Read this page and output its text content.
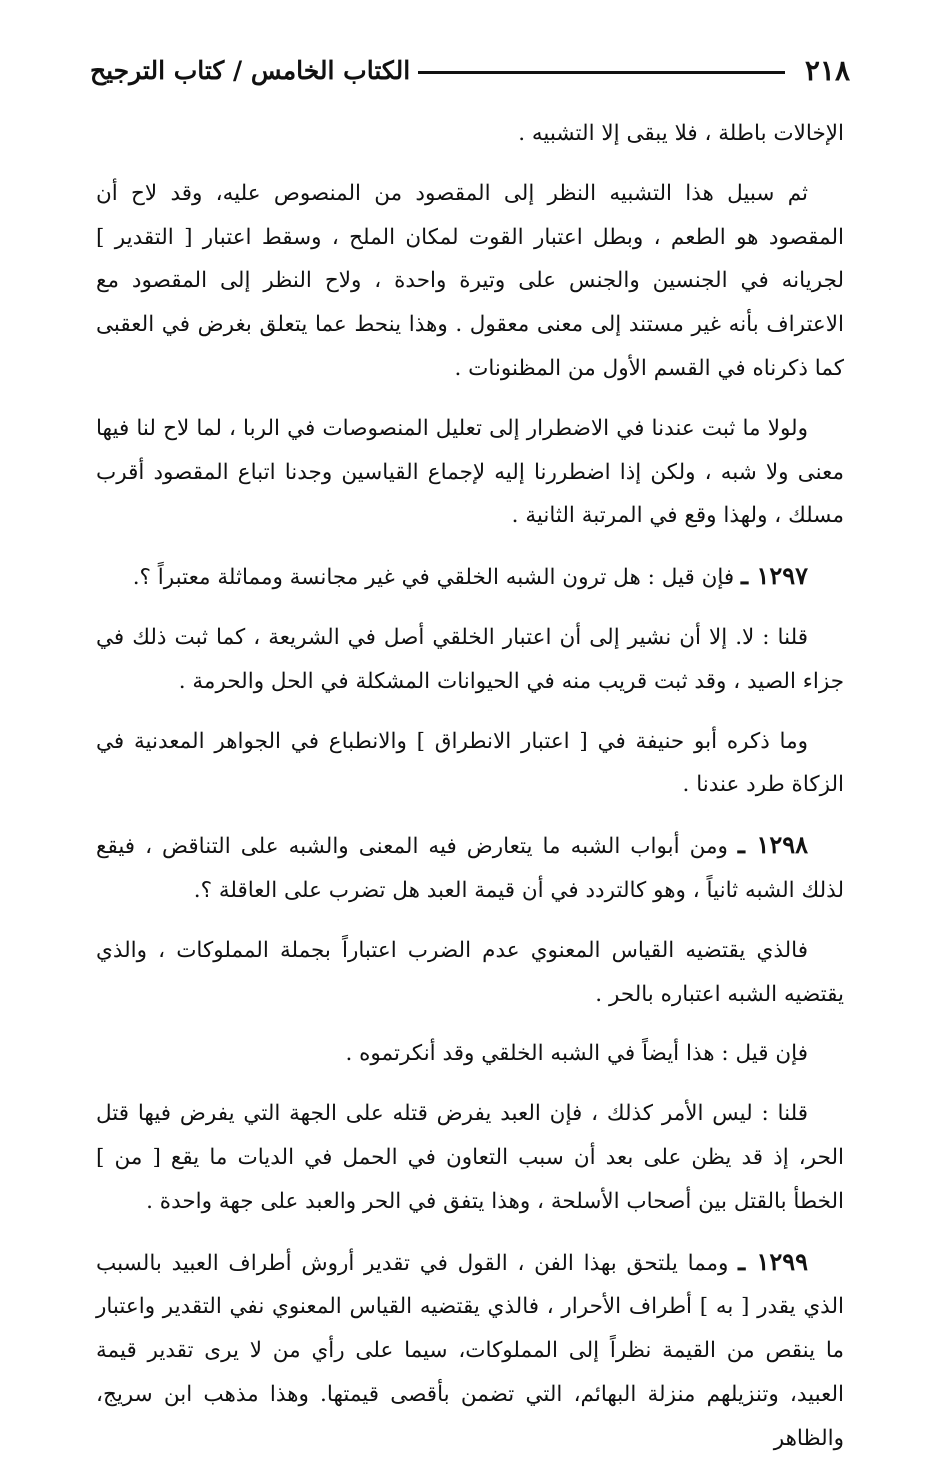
٢١٨
الكتاب الخامس / كتاب الترجيح

الإخالات باطلة ، فلا يبقى إلا التشبيه .

ثم سبيل هذا التشبيه النظر إلى المقصود من المنصوص عليه، وقد لاح أن المقصود هو الطعم ، وبطل اعتبار القوت لمكان الملح ، وسقط اعتبار [ التقدير ] لجريانه في الجنسين والجنس على وتيرة واحدة ، ولاح النظر إلى المقصود مع الاعتراف بأنه غير مستند إلى معنى معقول . وهذا ينحط عما يتعلق بغرض في العقبى كما ذكرناه في القسم الأول من المظنونات .

ولولا ما ثبت عندنا في الاضطرار إلى تعليل المنصوصات في الربا ، لما لاح لنا فيها معنى ولا شبه ، ولكن إذا اضطررنا إليه لإجماع القياسين وجدنا اتباع المقصود أقرب مسلك ، ولهذا وقع في المرتبة الثانية .

١٢٩٧ ـ فإن قيل : هل ترون الشبه الخلقي في غير مجانسة ومماثلة معتبراً ؟.

قلنا : لا. إلا أن نشير إلى أن اعتبار الخلقي أصل في الشريعة ، كما ثبت ذلك في جزاء الصيد ، وقد ثبت قريب منه في الحيوانات المشكلة في الحل والحرمة .

وما ذكره أبو حنيفة في [ اعتبار الانطراق ] والانطباع في الجواهر المعدنية في الزكاة طرد عندنا .

١٢٩٨ ـ ومن أبواب الشبه ما يتعارض فيه المعنى والشبه على التناقض ، فيقع لذلك الشبه ثانياً ، وهو كالتردد في أن قيمة العبد هل تضرب على العاقلة ؟.

فالذي يقتضيه القياس المعنوي عدم الضرب اعتباراً بجملة المملوكات ، والذي يقتضيه الشبه اعتباره بالحر .

فإن قيل : هذا أيضاً في الشبه الخلقي وقد أنكرتموه .

قلنا : ليس الأمر كذلك ، فإن العبد يفرض قتله على الجهة التي يفرض فيها قتل الحر، إذ قد يظن على بعد أن سبب التعاون في الحمل في الديات ما يقع [ من ] الخطأ بالقتل بين أصحاب الأسلحة ، وهذا يتفق في الحر والعبد على جهة واحدة .

١٢٩٩ ـ ومما يلتحق بهذا الفن ، القول في تقدير أروش أطراف العبيد بالسبب الذي يقدر [ به ] أطراف الأحرار ، فالذي يقتضيه القياس المعنوي نفي التقدير واعتبار ما ينقص من القيمة نظراً إلى المملوكات، سيما على رأي من لا يرى تقدير قيمة العبيد، وتنزيلهم منزلة البهائم، التي تضمن بأقصى قيمتها. وهذا مذهب ابن سريج، والظاهر
